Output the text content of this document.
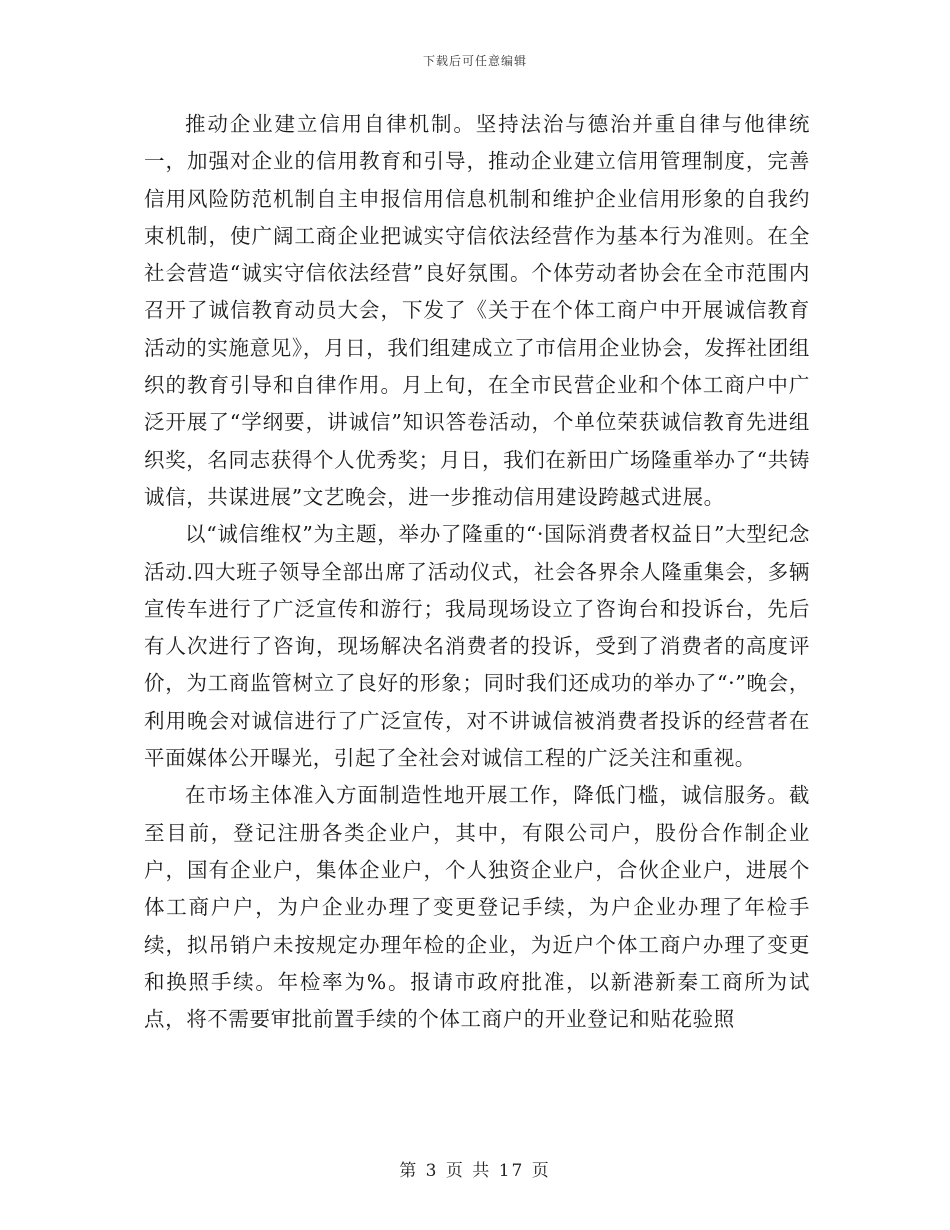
下载后可任意编辑

推动企业建立信用自律机制。坚持法治与德治并重自律与他律统一，加强对企业的信用教育和引导，推动企业建立信用管理制度，完善信用风险防范机制自主申报信用信息机制和维护企业信用形象的自我约束机制，使广阔工商企业把诚实守信依法经营作为基本行为准则。在全社会营造“诚实守信依法经营”良好氛围。个体劳动者协会在全市范围内召开了诚信教育动员大会，下发了《关于在个体工商户中开展诚信教育活动的实施意见》，月日，我们组建成立了市信用企业协会，发挥社团组织的教育引导和自律作用。月上旬，在全市民营企业和个体工商户中广泛开展了“学纲要，讲诚信”知识答卷活动，个单位荣获诚信教育先进组织奖，名同志获得个人优秀奖；月日，我们在新田广场隆重举办了“共铸诚信，共谋进展”文艺晚会，进一步推动信用建设跨越式进展。

以“诚信维权”为主题，举办了隆重的“·国际消费者权益日”大型纪念活动.四大班子领导全部出席了活动仪式，社会各界余人隆重集会，多辆宣传车进行了广泛宣传和游行；我局现场设立了咨询台和投诉台，先后有人次进行了咨询，现场解决名消费者的投诉，受到了消费者的高度评价，为工商监管树立了良好的形象；同时我们还成功的举办了“·”晚会，利用晚会对诚信进行了广泛宣传，对不讲诚信被消费者投诉的经营者在平面媒体公开曝光，引起了全社会对诚信工程的广泛关注和重视。

在市场主体准入方面制造性地开展工作，降低门槛，诚信服务。截至目前，登记注册各类企业户，其中，有限公司户，股份合作制企业户，国有企业户，集体企业户，个人独资企业户，合伙企业户，进展个体工商户户，为户企业办理了变更登记手续，为户企业办理了年检手续，拟吊销户未按规定办理年检的企业，为近户个体工商户办理了变更和换照手续。年检率为%。报请市政府批准，以新港新秦工商所为试点，将不需要审批前置手续的个体工商户的开业登记和贴花验照

第 3 页 共 17 页
